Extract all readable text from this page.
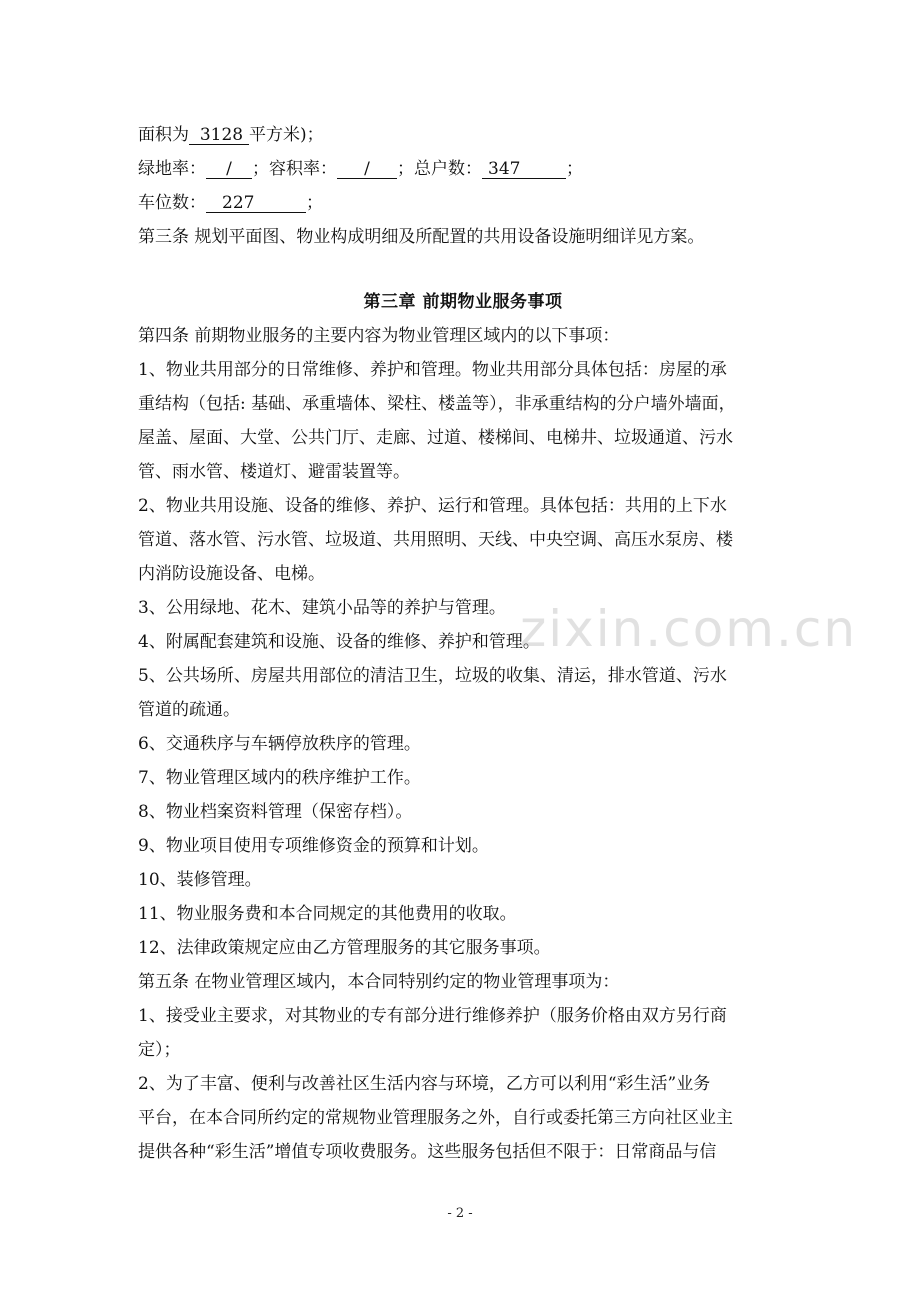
面积为 3128 平方米)；
绿地率： / ；容积率： / ；总户数： 347	；
车位数： 227	；
第三条 规划平面图、物业构成明细及所配置的共用设备设施明细详见方案。
第三章 前期物业服务事项
第四条 前期物业服务的主要内容为物业管理区域内的以下事项：
1、物业共用部分的日常维修、养护和管理。物业共用部分具体包括：房屋的承
重结构（包括: 基础、承重墙体、梁柱、楼盖等），非承重结构的分户墙外墙面，
屋盖、屋面、大堂、公共门厅、走廊、过道、楼梯间、电梯井、垃圾通道、污水
管、雨水管、楼道灯、避雷装置等。
2、物业共用设施、设备的维修、养护、运行和管理。具体包括：共用的上下水
管道、落水管、污水管、垃圾道、共用照明、天线、中央空调、高压水泵房、楼
内消防设施设备、电梯。
3、公用绿地、花木、建筑小品等的养护与管理。
4、附属配套建筑和设施、设备的维修、养护和管理。
5、公共场所、房屋共用部位的清洁卫生，垃圾的收集、清运，排水管道、污水
管道的疏通。
6、交通秩序与车辆停放秩序的管理。
7、物业管理区域内的秩序维护工作。
8、物业档案资料管理（保密存档）。
9、物业项目使用专项维修资金的预算和计划。
10、装修管理。
11、物业服务费和本合同规定的其他费用的收取。
12、法律政策规定应由乙方管理服务的其它服务事项。
第五条 在物业管理区域内，本合同特别约定的物业管理事项为：
1、接受业主要求，对其物业的专有部分进行维修养护（服务价格由双方另行商
定）；
2、为了丰富、便利与改善社区生活内容与环境，乙方可以利用“彩生活”业务
平台，在本合同所约定的常规物业管理服务之外，自行或委托第三方向社区业主
提供各种“彩生活”增值专项收费服务。这些服务包括但不限于：日常商品与信
zixin.com.cn
- 2 -
